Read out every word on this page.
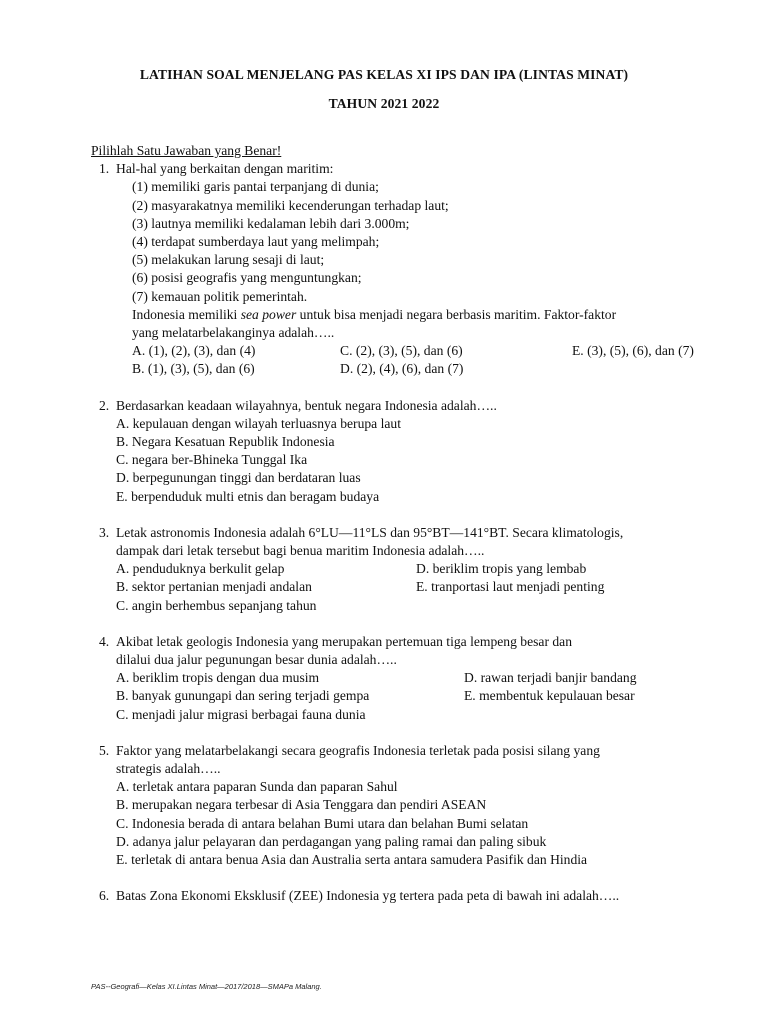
LATIHAN SOAL MENJELANG PAS KELAS XI IPS DAN IPA (LINTAS MINAT)
TAHUN 2021 2022
Pilihlah Satu Jawaban yang Benar!
1. Hal-hal yang berkaitan dengan maritim:
(1) memiliki garis pantai terpanjang di dunia;
(2) masyarakatnya memiliki kecenderungan terhadap laut;
(3) lautnya memiliki kedalaman lebih dari 3.000m;
(4) terdapat sumberdaya laut yang melimpah;
(5) melakukan larung sesaji di laut;
(6) posisi geografis yang menguntungkan;
(7) kemauan politik pemerintah.
Indonesia memiliki sea power untuk bisa menjadi negara berbasis maritim. Faktor-faktor
yang melatarbelakanginya adalah…..
A. (1), (2), (3), dan (4)	C. (2), (3), (5), dan (6)	E. (3), (5), (6), dan (7)
B. (1), (3), (5), dan (6)	D. (2), (4), (6), dan (7)
2. Berdasarkan keadaan wilayahnya, bentuk negara Indonesia adalah…..
A. kepulauan dengan wilayah terluasnya berupa laut
B. Negara Kesatuan Republik Indonesia
C. negara ber-Bhineka Tunggal Ika
D. berpegunungan tinggi dan berdataran luas
E. berpenduduk multi etnis dan beragam budaya
3. Letak astronomis Indonesia adalah 6°LU—11°LS dan 95°BT—141°BT. Secara klimatologis,
dampak dari letak tersebut bagi benua maritim Indonesia adalah…..
A. penduduknya berkulit gelap	D. beriklim tropis yang lembab
B. sektor pertanian menjadi andalan	E. tranportasi laut menjadi penting
C. angin berhembus sepanjang tahun
4. Akibat letak geologis Indonesia yang merupakan pertemuan tiga lempeng besar dan
dilalui dua jalur pegunungan besar dunia adalah…..
A. beriklim tropis dengan dua musim	D. rawan terjadi banjir bandang
B. banyak gunungapi dan sering terjadi gempa	E. membentuk kepulauan besar
C. menjadi jalur migrasi berbagai fauna dunia
5. Faktor yang melatarbelakangi secara geografis Indonesia terletak pada posisi silang yang
strategis adalah…..
A. terletak antara paparan Sunda dan paparan Sahul
B. merupakan negara terbesar di Asia Tenggara dan pendiri ASEAN
C. Indonesia berada di antara belahan Bumi utara dan belahan Bumi selatan
D. adanya jalur pelayaran dan perdagangan yang paling ramai dan paling sibuk
E. terletak di antara benua Asia dan Australia serta antara samudera Pasifik dan Hindia
6. Batas Zona Ekonomi Eksklusif (ZEE) Indonesia yg tertera pada peta di bawah ini adalah…..
PAS--Geografi—Kelas XI.Lintas Minat—2017/2018—SMAPa Malang.
